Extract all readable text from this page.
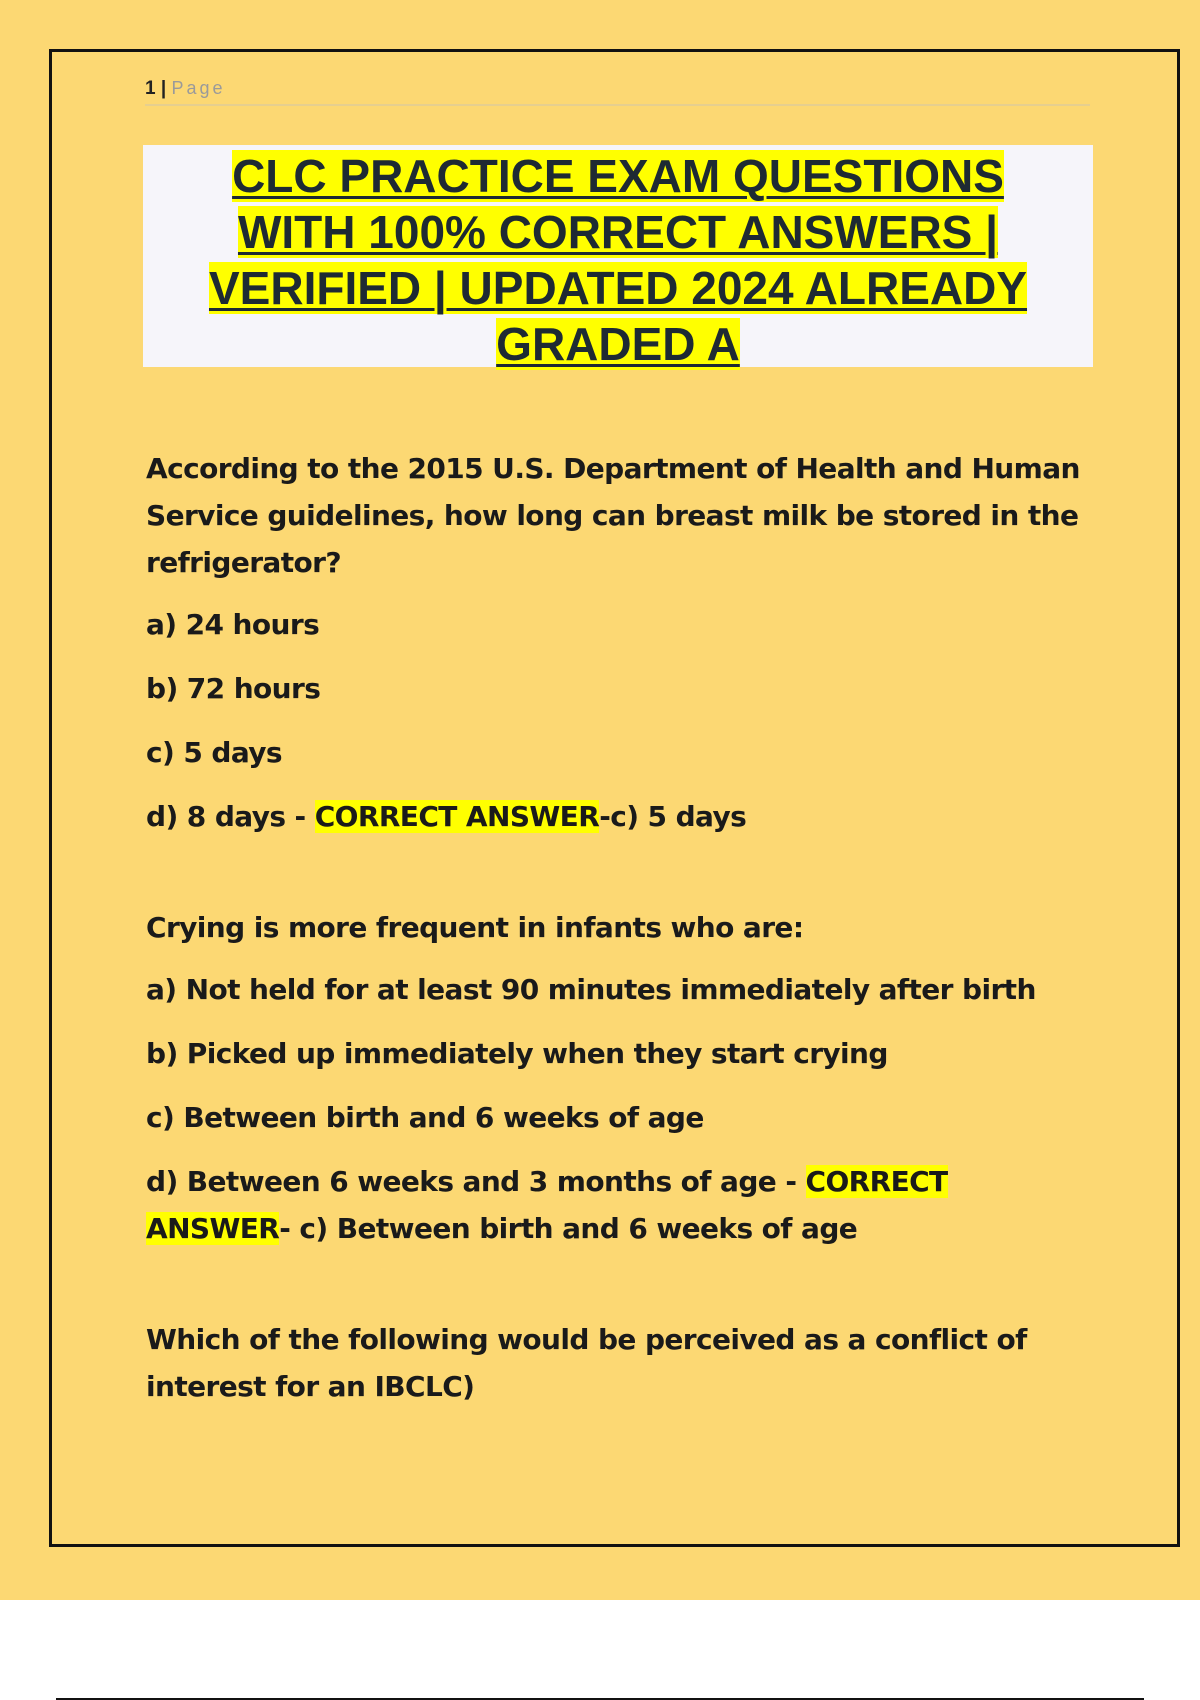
1 | Page
CLC PRACTICE EXAM QUESTIONS
WITH 100% CORRECT ANSWERS |
VERIFIED | UPDATED 2024 ALREADY
GRADED A

According to the 2015 U.S. Department of Health and Human Service guidelines, how long can breast milk be stored in the refrigerator?

a) 24 hours

b) 72 hours

c) 5 days

d) 8 days - CORRECT ANSWER-c) 5 days

Crying is more frequent in infants who are:

a) Not held for at least 90 minutes immediately after birth

b) Picked up immediately when they start crying

c) Between birth and 6 weeks of age

d) Between 6 weeks and 3 months of age - CORRECT ANSWER- c) Between birth and 6 weeks of age

Which of the following would be perceived as a conflict of interest for an IBCLC)
